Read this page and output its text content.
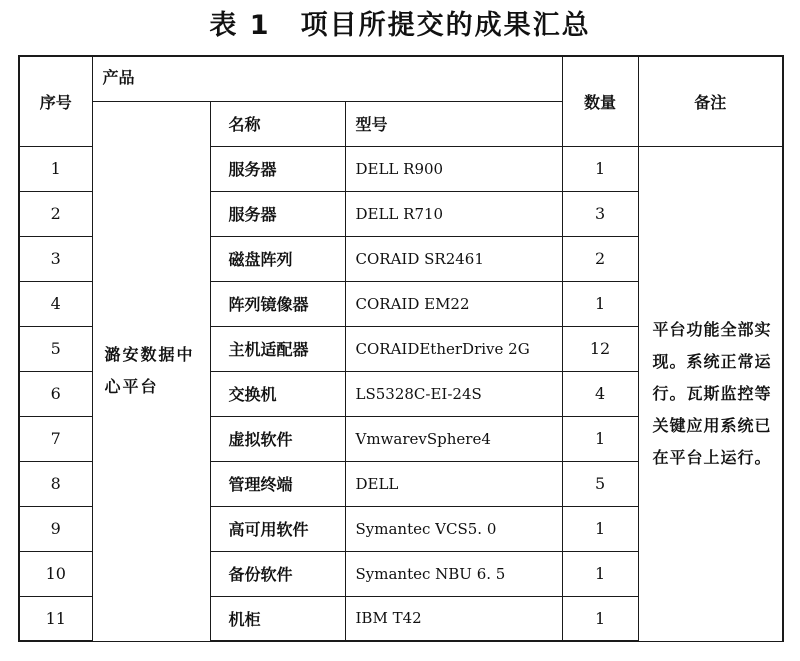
表 1 项目所提交的成果汇总
序号	产品			数量	备注
	潞安数据中心平台	名称	型号		
1		服务器	DELL R900	1	平台功能全部实现。系统正常运行。瓦斯监控等关键应用系统已在平台上运行。
2		服务器	DELL R710	3	
3		磁盘阵列	CORAID SR2461	2	
4		阵列镜像器	CORAID EM22	1	
5		主机适配器	CORAIDEtherDrive 2G	12	
6		交换机	LS5328C-EI-24S	4	
7		虚拟软件	VmwarevSphere4	1	
8		管理终端	DELL	5	
9		高可用软件	Symantec VCS5. 0	1	
10		备份软件	Symantec NBU 6. 5	1	
11		机柜	IBM T42	1	
